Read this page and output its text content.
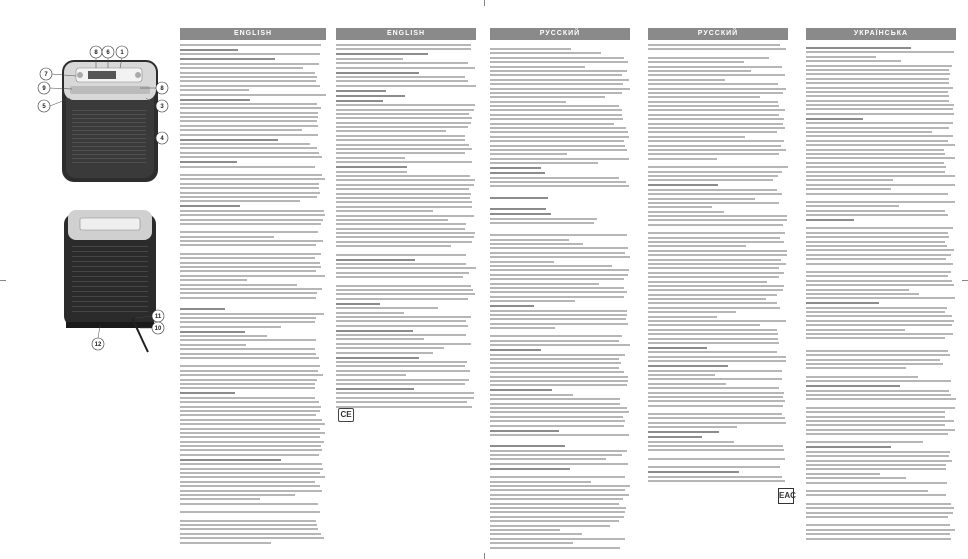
7
9
5
8 6 1
8
3
4
11
10
12
ENGLISH	ENGLISH
CE
РУССКИЙ	РУССКИЙ
EAC
УКРАЇНСЬКА
